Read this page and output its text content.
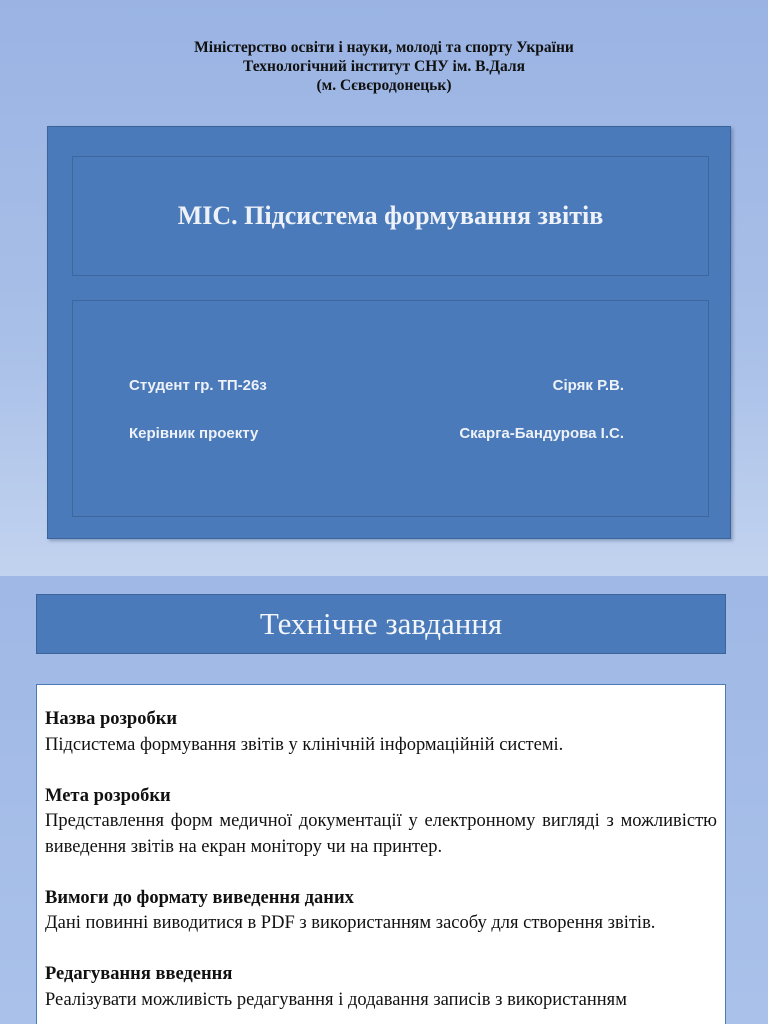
Міністерство освіти і науки, молоді та спорту України
Технологічний інститут СНУ ім. В.Даля
(м. Сєвєродонецьк)
МІС. Підсистема формування звітів
Студент гр. ТП-26з	Сіряк Р.В.
Керівник проекту	Скарга-Бандурова І.С.
Технічне завдання
Назва розробки
Підсистема формування звітів у клінічній інформаційній системі.
Мета розробки
Представлення форм медичної документації у електронному вигляді з можливістю виведення звітів на екран монітору чи на принтер.
Вимоги до формату виведення даних
Дані повинні виводитися в PDF з використанням засобу для створення звітів.
Редагування введення
Реалізувати можливість редагування і додавання записів з використанням
